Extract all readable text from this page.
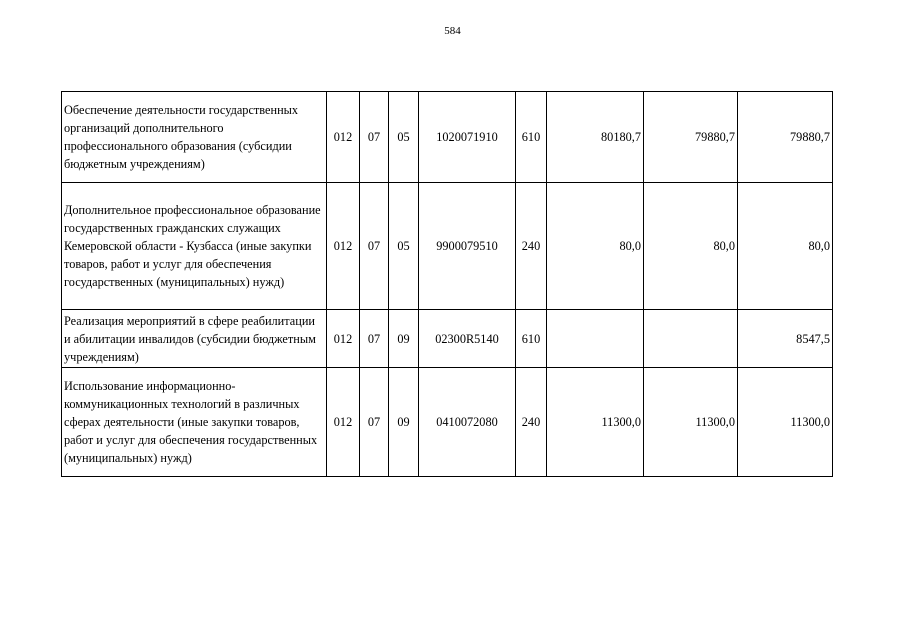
584
Обеспечение деятельности государственных организаций дополнительного профессионального образования (субсидии бюджетным учреждениям)	012	07	05	1020071910	610	80180,7	79880,7	79880,7
Дополнительное профессиональное образование государственных гражданских служащих Кемеровской области - Кузбасса (иные закупки товаров, работ и услуг для обеспечения государственных (муниципальных) нужд)	012	07	05	9900079510	240	80,0	80,0	80,0
Реализация мероприятий в сфере реабилитации и абилитации инвалидов (субсидии бюджетным учреждениям)	012	07	09	02300R5140	610			8547,5
Использование информационно-коммуникационных технологий в различных сферах деятельности (иные закупки товаров, работ и услуг для обеспечения государственных (муниципальных) нужд)	012	07	09	0410072080	240	11300,0	11300,0	11300,0
